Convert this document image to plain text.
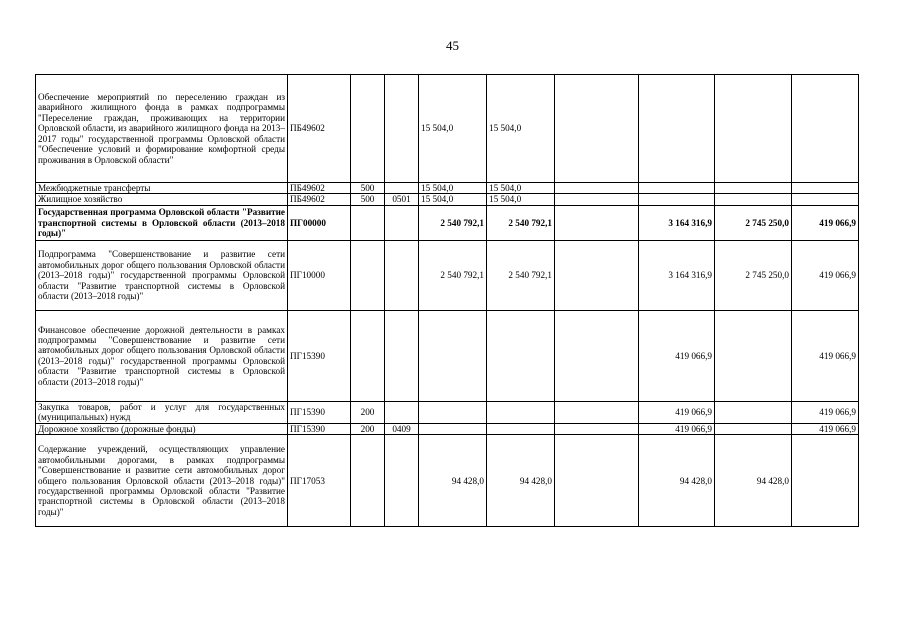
45
Обеспечение мероприятий по переселению граждан из аварийного жилищного фонда в рамках подпрограммы "Переселение граждан, проживающих на территории Орловской области, из аварийного жилищного фонда на 2013–2017 годы" государственной программы Орловской области "Обеспечение условий и формирование комфортной среды проживания в Орловской области"	ПБ49602			15 504,0	15 504,0				
Межбюджетные трансферты	ПБ49602	500		15 504,0	15 504,0				
Жилищное хозяйство	ПБ49602	500	0501	15 504,0	15 504,0				
Государственная программа Орловской области "Развитие транспортной системы в Орловской области (2013–2018 годы)"	ПГ00000			2 540 792,1	2 540 792,1		3 164 316,9	2 745 250,0	419 066,9
Подпрограмма "Совершенствование и развитие сети автомобильных дорог общего пользования Орловской области (2013–2018 годы)" государственной программы Орловской области "Развитие транспортной системы в Орловской области (2013–2018 годы)"	ПГ10000			2 540 792,1	2 540 792,1		3 164 316,9	2 745 250,0	419 066,9
Финансовое обеспечение дорожной деятельности в рамках подпрограммы "Совершенствование и развитие сети автомобильных дорог общего пользования Орловской области (2013–2018 годы)" государственной программы Орловской области "Развитие транспортной системы в Орловской области (2013–2018 годы)"	ПГ15390						419 066,9		419 066,9
Закупка товаров, работ и услуг для государственных (муниципальных) нужд	ПГ15390	200					419 066,9		419 066,9
Дорожное хозяйство (дорожные фонды)	ПГ15390	200	0409				419 066,9		419 066,9
Содержание учреждений, осуществляющих управление автомобильными дорогами, в рамках подпрограммы "Совершенствование и развитие сети автомобильных дорог общего пользования Орловской области (2013–2018 годы)" государственной программы Орловской области "Развитие транспортной системы в Орловской области (2013–2018 годы)"	ПГ17053			94 428,0	94 428,0		94 428,0	94 428,0	
